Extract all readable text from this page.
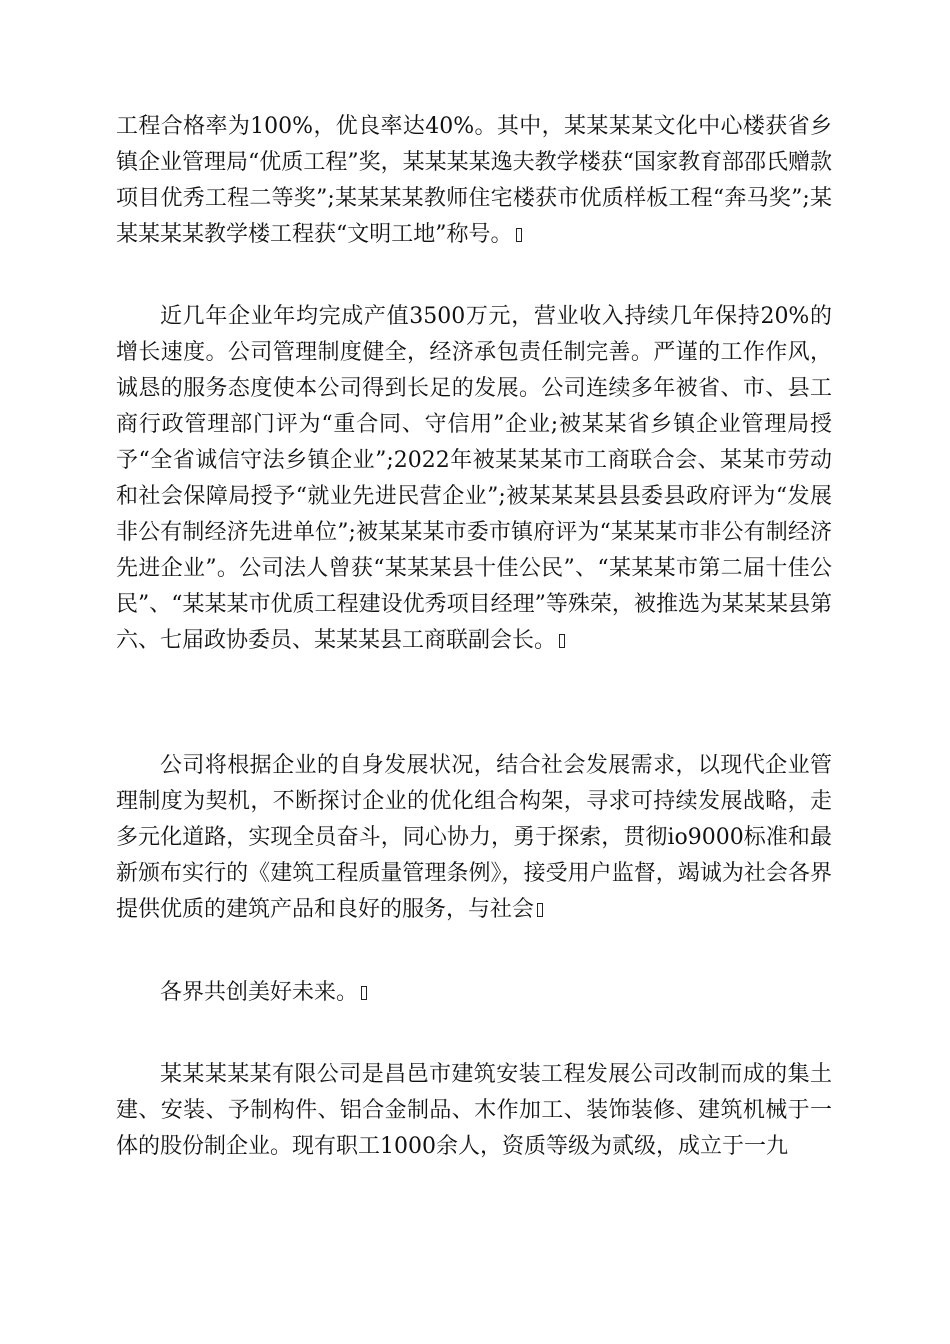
工程合格率为100%，优良率达40%。其中，某某某某文化中心楼获省乡镇企业管理局“优质工程”奖，某某某某逸夫教学楼获“国家教育部邵氏赠款项目优秀工程二等奖”;某某某某教师住宅楼获市优质样板工程“奔马奖”;某某某某某教学楼工程获“文明工地”称号。

近几年企业年均完成产值3500万元，营业收入持续几年保持20%的增长速度。公司管理制度健全，经济承包责任制完善。严谨的工作作风，诚恳的服务态度使本公司得到长足的发展。公司连续多年被省、市、县工商行政管理部门评为“重合同、守信用”企业;被某某省乡镇企业管理局授予“全省诚信守法乡镇企业”;2022年被某某某市工商联合会、某某市劳动和社会保障局授予“就业先进民营企业”;被某某某县县委县政府评为“发展非公有制经济先进单位”;被某某某市委市镇府评为“某某某市非公有制经济先进企业”。公司法人曾获“某某某县十佳公民”、“某某某市第二届十佳公民”、“某某某市优质工程建设优秀项目经理”等殊荣，被推选为某某某县第六、七届政协委员、某某某县工商联副会长。

公司将根据企业的自身发展状况，结合社会发展需求，以现代企业管理制度为契机，不断探讨企业的优化组合构架，寻求可持续发展战略，走多元化道路，实现全员奋斗，同心协力，勇于探索，贯彻io9000标准和最新颁布实行的《建筑工程质量管理条例》，接受用户监督，竭诚为社会各界提供优质的建筑产品和良好的服务，与社会

各界共创美好未来。

某某某某某有限公司是昌邑市建筑安装工程发展公司改制而成的集土建、安装、予制构件、铝合金制品、木作加工、装饰装修、建筑机械于一体的股份制企业。现有职工1000余人，资质等级为贰级，成立于一九
